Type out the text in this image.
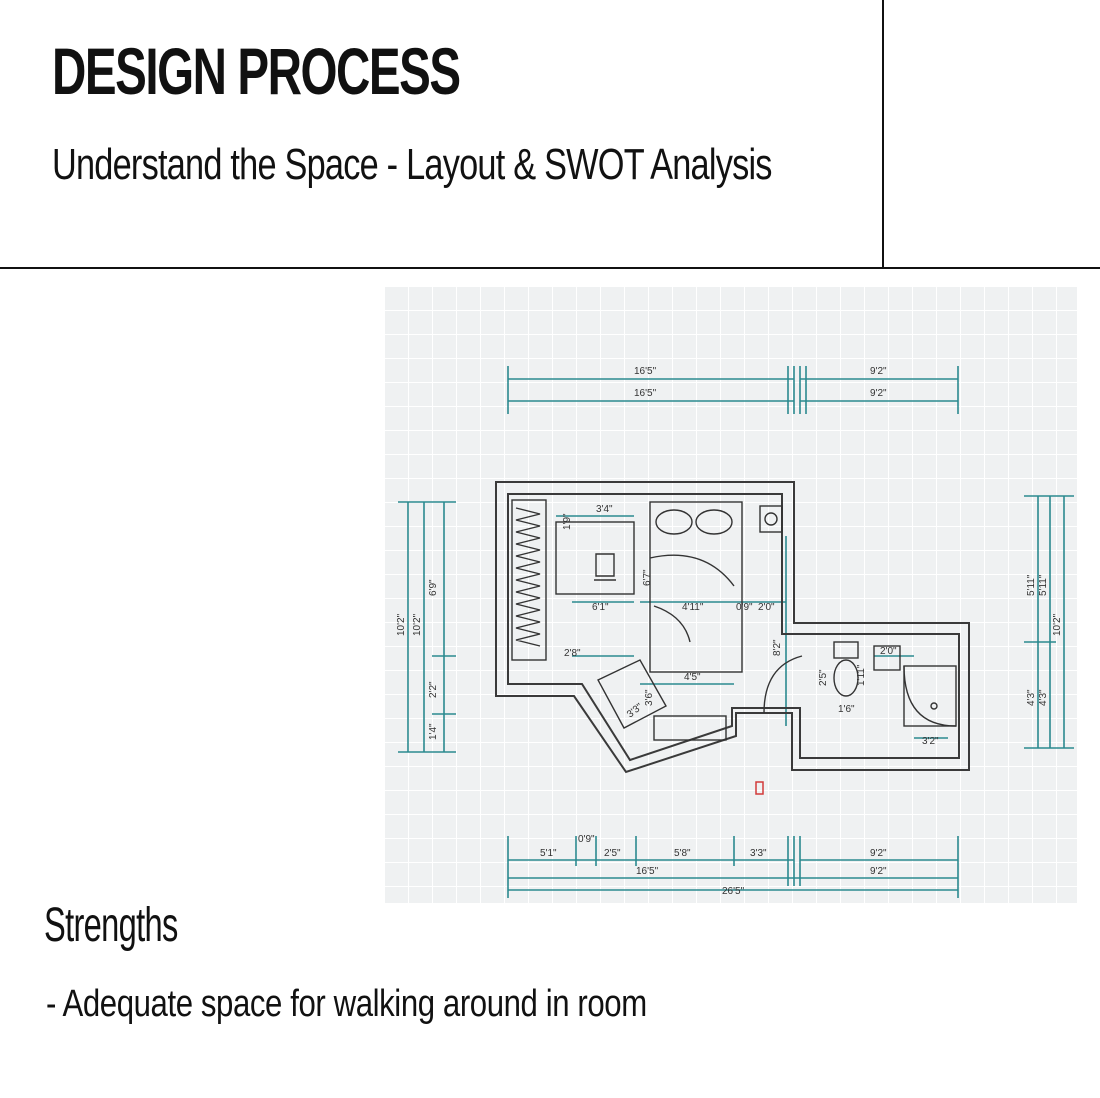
DESIGN PROCESS
Understand the Space - Layout & SWOT Analysis
16'5"
16'5"
9'2"
9'2"
10'2" 10'2"
6'9"
2'2"
1'4"
5'11" 5'11"
10'2"
4'3" 4'3"
5'1"
0'9"
2'5"	5'8"	3'3"
16'5"
9'2"
9'2"
26'5"
3'4"
1'9"
6'1"	4'11"	0'9" 2'0"
2'8"
4'5"
8'2"
6'7"
2'0"
1'11"
2'5"
1'6"
3'2"
3'3"
3'6"
Strengths
- Adequate space for walking around in room
